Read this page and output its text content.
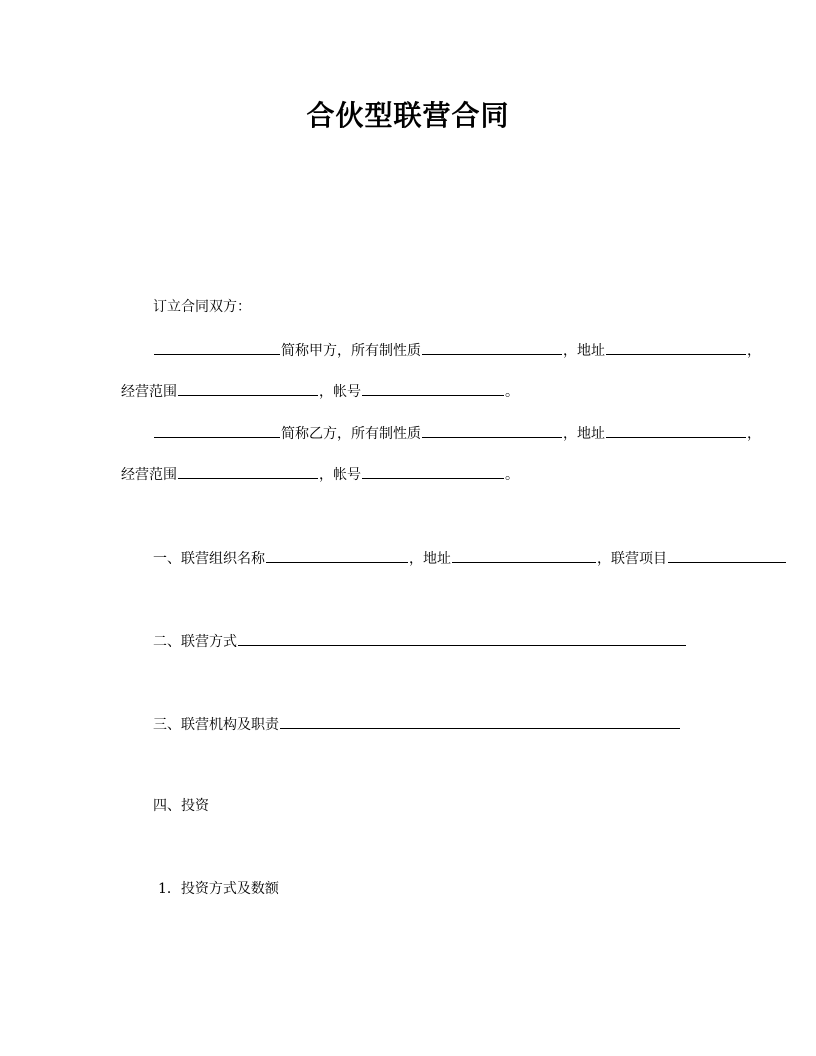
合伙型联营合同
订立合同双方：
简称甲方，所有制性质	，地址	，
经营范围	，帐号	。
简称乙方，所有制性质	，地址	，
经营范围	，帐号	。
一、联营组织名称	，地址	，联营项目
二、联营方式
三、联营机构及职责
四、投资
1．投资方式及数额
